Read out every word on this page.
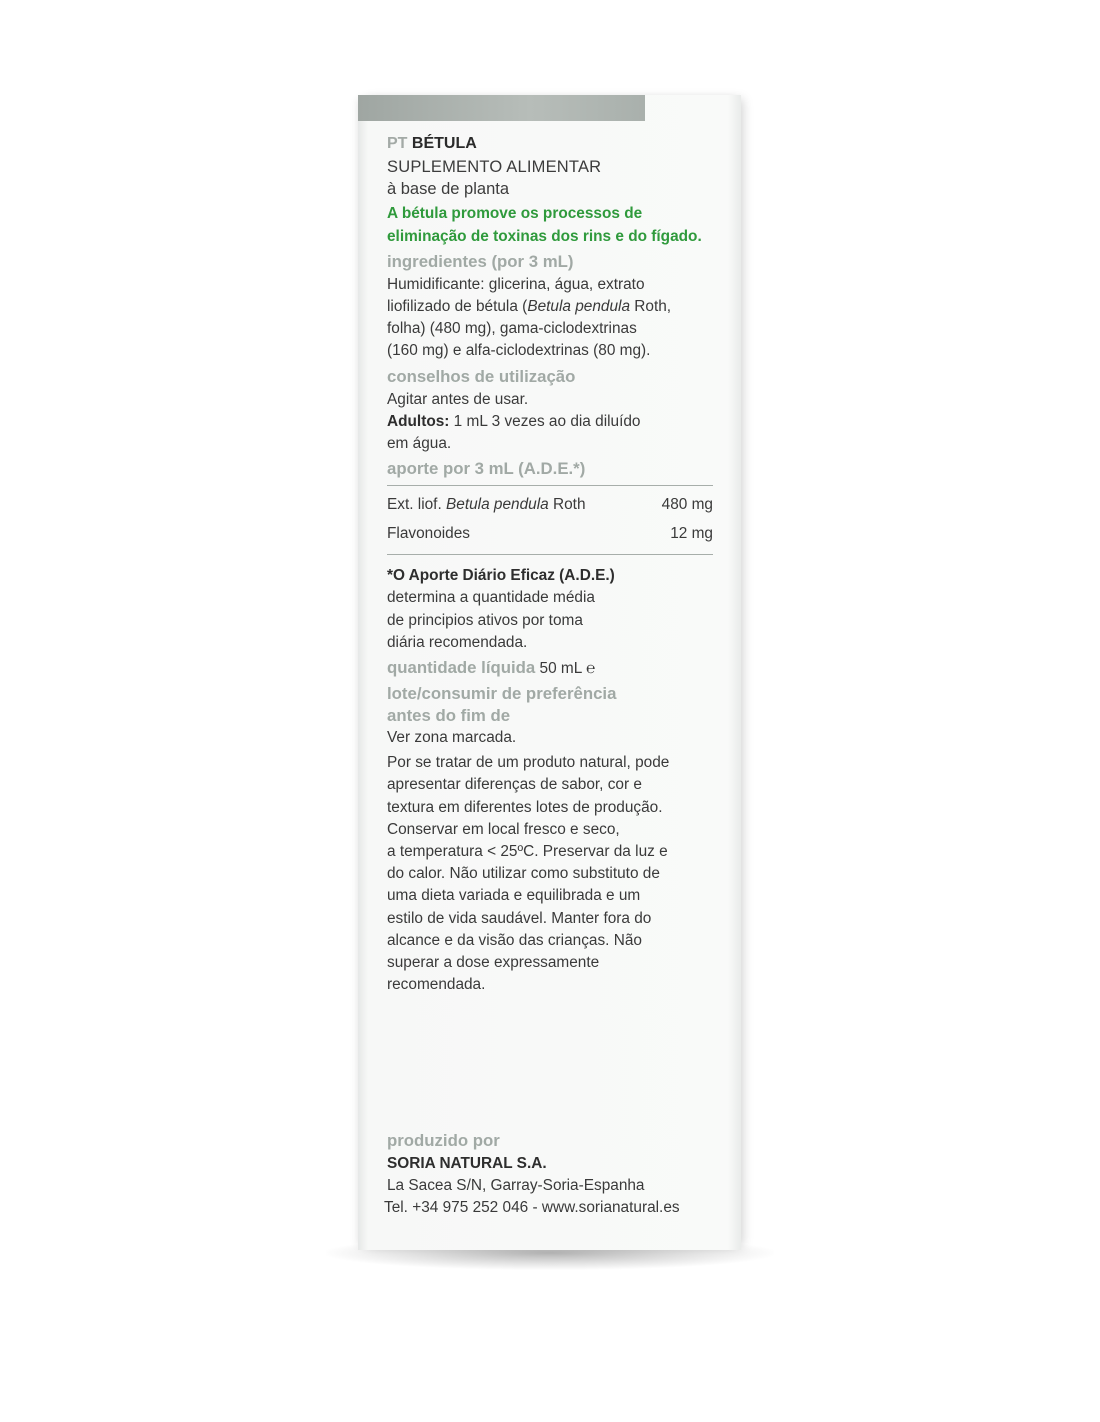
PT BÉTULA
SUPLEMENTO ALIMENTAR
à base de planta
A bétula promove os processos de
eliminação de toxinas dos rins e do fígado.
ingredientes (por 3 mL)
Humidificante: glicerina, água, extrato
liofilizado de bétula (Betula pendula Roth,
folha) (480 mg), gama-ciclodextrinas
(160 mg) e alfa-ciclodextrinas (80 mg).
conselhos de utilização
Agitar antes de usar.
Adultos: 1 mL 3 vezes ao dia diluído
em água.
aporte por 3 mL (A.D.E.*)
Ext. liof. Betula pendula Roth	480 mg
Flavonoides	12 mg
*O Aporte Diário Eficaz (A.D.E.)
determina a quantidade média
de principios ativos por toma
diária recomendada.
quantidade líquida 50 mL ℮
lote/consumir de preferência
antes do fim de
Ver zona marcada.
Por se tratar de um produto natural, pode
apresentar diferenças de sabor, cor e
textura em diferentes lotes de produção.
Conservar em local fresco e seco,
a temperatura < 25ºC. Preservar da luz e
do calor. Não utilizar como substituto de
uma dieta variada e equilibrada e um
estilo de vida saudável. Manter fora do
alcance e da visão das crianças. Não
superar a dose expressamente
recomendada.
produzido por
SORIA NATURAL S.A.
La Sacea S/N, Garray-Soria-Espanha
Tel. +34 975 252 046 - www.sorianatural.es
